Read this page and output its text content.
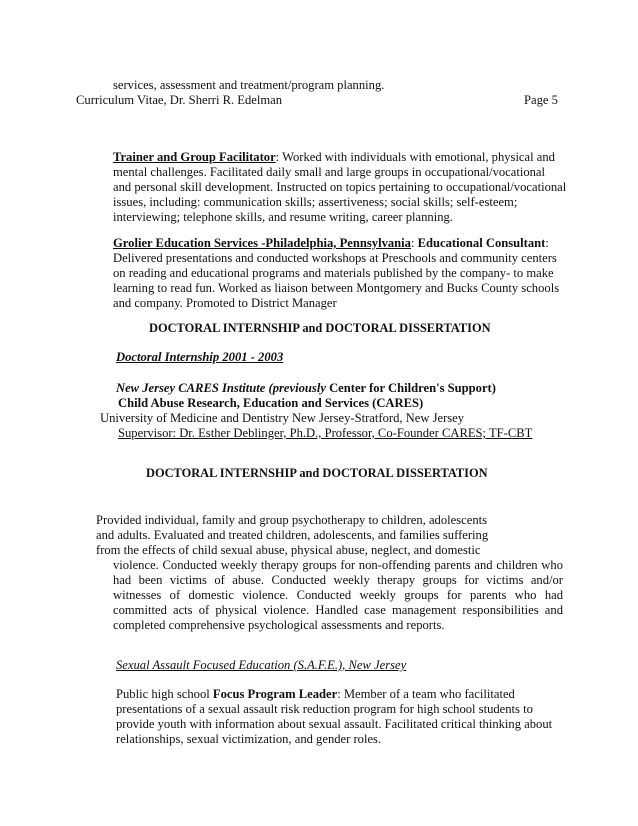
services, assessment and treatment/program planning.
Curriculum Vitae, Dr. Sherri R. Edelman	Page 5
Trainer and Group Facilitator: Worked with individuals with emotional, physical and
mental challenges. Facilitated daily small and large groups in occupational/vocational
and personal skill development. Instructed on topics pertaining to occupational/vocational
issues, including: communication skills; assertiveness; social skills; self-esteem;
interviewing; telephone skills, and resume writing, career planning.
Grolier Education Services -Philadelphia, Pennsylvania: Educational Consultant:
Delivered presentations and conducted workshops at Preschools and community centers
on reading and educational programs and materials published by the company- to make
learning to read fun. Worked as liaison between Montgomery and Bucks County schools
and company. Promoted to District Manager
DOCTORAL INTERNSHIP and DOCTORAL DISSERTATION
Doctoral Internship 2001 - 2003
New Jersey CARES Institute (previously Center for Children's Support)
Child Abuse Research, Education and Services (CARES)
University of Medicine and Dentistry New Jersey-Stratford, New Jersey
Supervisor: Dr. Esther Deblinger, Ph.D., Professor, Co-Founder CARES; TF-CBT
DOCTORAL INTERNSHIP and DOCTORAL DISSERTATION
Provided individual, family and group psychotherapy to children, adolescents
and adults. Evaluated and treated children, adolescents, and families suffering
from the effects of child sexual abuse, physical abuse, neglect, and domestic
violence. Conducted weekly therapy groups for non-offending parents and children who
had been victims of abuse. Conducted weekly therapy groups for victims and/or
witnesses of domestic violence. Conducted weekly groups for parents who had
committed acts of physical violence. Handled case management responsibilities and
completed comprehensive psychological assessments and reports.
Sexual Assault Focused Education (S.A.F.E.), New Jersey
Public high school Focus Program Leader: Member of a team who facilitated
presentations of a sexual assault risk reduction program for high school students to
provide youth with information about sexual assault. Facilitated critical thinking about
relationships, sexual victimization, and gender roles.
